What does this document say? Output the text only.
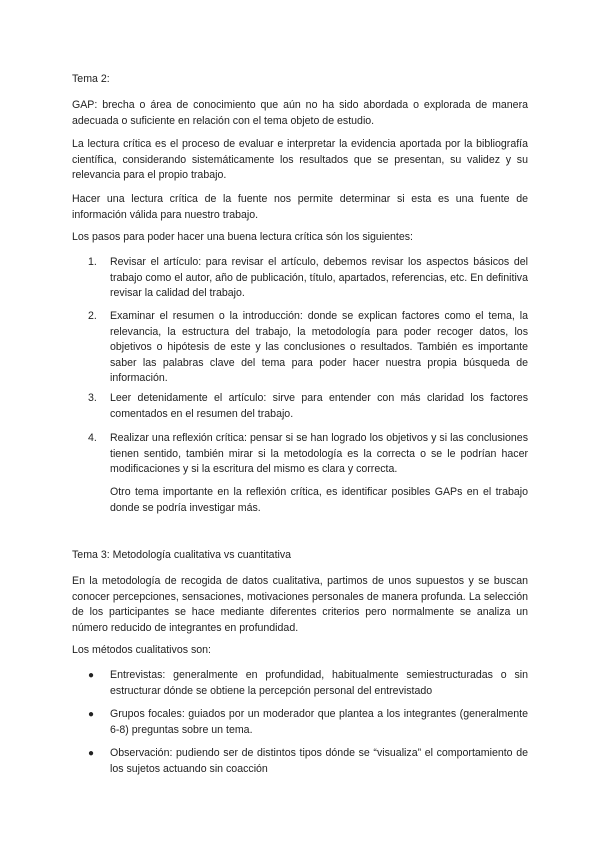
Tema 2:

GAP: brecha o área de conocimiento que aún no ha sido abordada o explorada de manera adecuada o suficiente en relación con el tema objeto de estudio.

La lectura crítica es el proceso de evaluar e interpretar la evidencia aportada por la bibliografía científica, considerando sistemáticamente los resultados que se presentan, su validez y su relevancia para el propio trabajo.

Hacer una lectura crítica de la fuente nos permite determinar si esta es una fuente de información válida para nuestro trabajo.

Los pasos para poder hacer una buena lectura crítica són los siguientes:

1.	Revisar el artículo: para revisar el artículo, debemos revisar los aspectos básicos del trabajo como el autor, año de publicación, título, apartados, referencias, etc. En definitiva revisar la calidad del trabajo.
2.	Examinar el resumen o la introducción: donde se explican factores como el tema, la relevancia, la estructura del trabajo, la metodología para poder recoger datos, los objetivos o hipótesis de este y las conclusiones o resultados. También es importante saber las palabras clave del tema para poder hacer nuestra propia búsqueda de información.
3.	Leer detenidamente el artículo: sirve para entender con más claridad los factores comentados en el resumen del trabajo.
4.	Realizar una reflexión crítica: pensar si se han logrado los objetivos y si las conclusiones tienen sentido, también mirar si la metodología es la correcta o se le podrían hacer modificaciones y si la escritura del mismo es clara y correcta.

Otro tema importante en la reflexión crítica, es identificar posibles GAPs en el trabajo donde se podría investigar más.

Tema 3: Metodología cualitativa vs cuantitativa

En la metodología de recogida de datos cualitativa, partimos de unos supuestos y se buscan conocer percepciones, sensaciones, motivaciones personales de manera profunda. La selección de los participantes se hace mediante diferentes criterios pero normalmente se analiza un número reducido de integrantes en profundidad.

Los métodos cualitativos son:

●	Entrevistas: generalmente en profundidad, habitualmente semiestructuradas o sin estructurar dónde se obtiene la percepción personal del entrevistado
●	Grupos focales: guiados por un moderador que plantea a los integrantes (generalmente 6-8) preguntas sobre un tema.
●	Observación: pudiendo ser de distintos tipos dónde se “visualiza” el comportamiento de los sujetos actuando sin coacción
